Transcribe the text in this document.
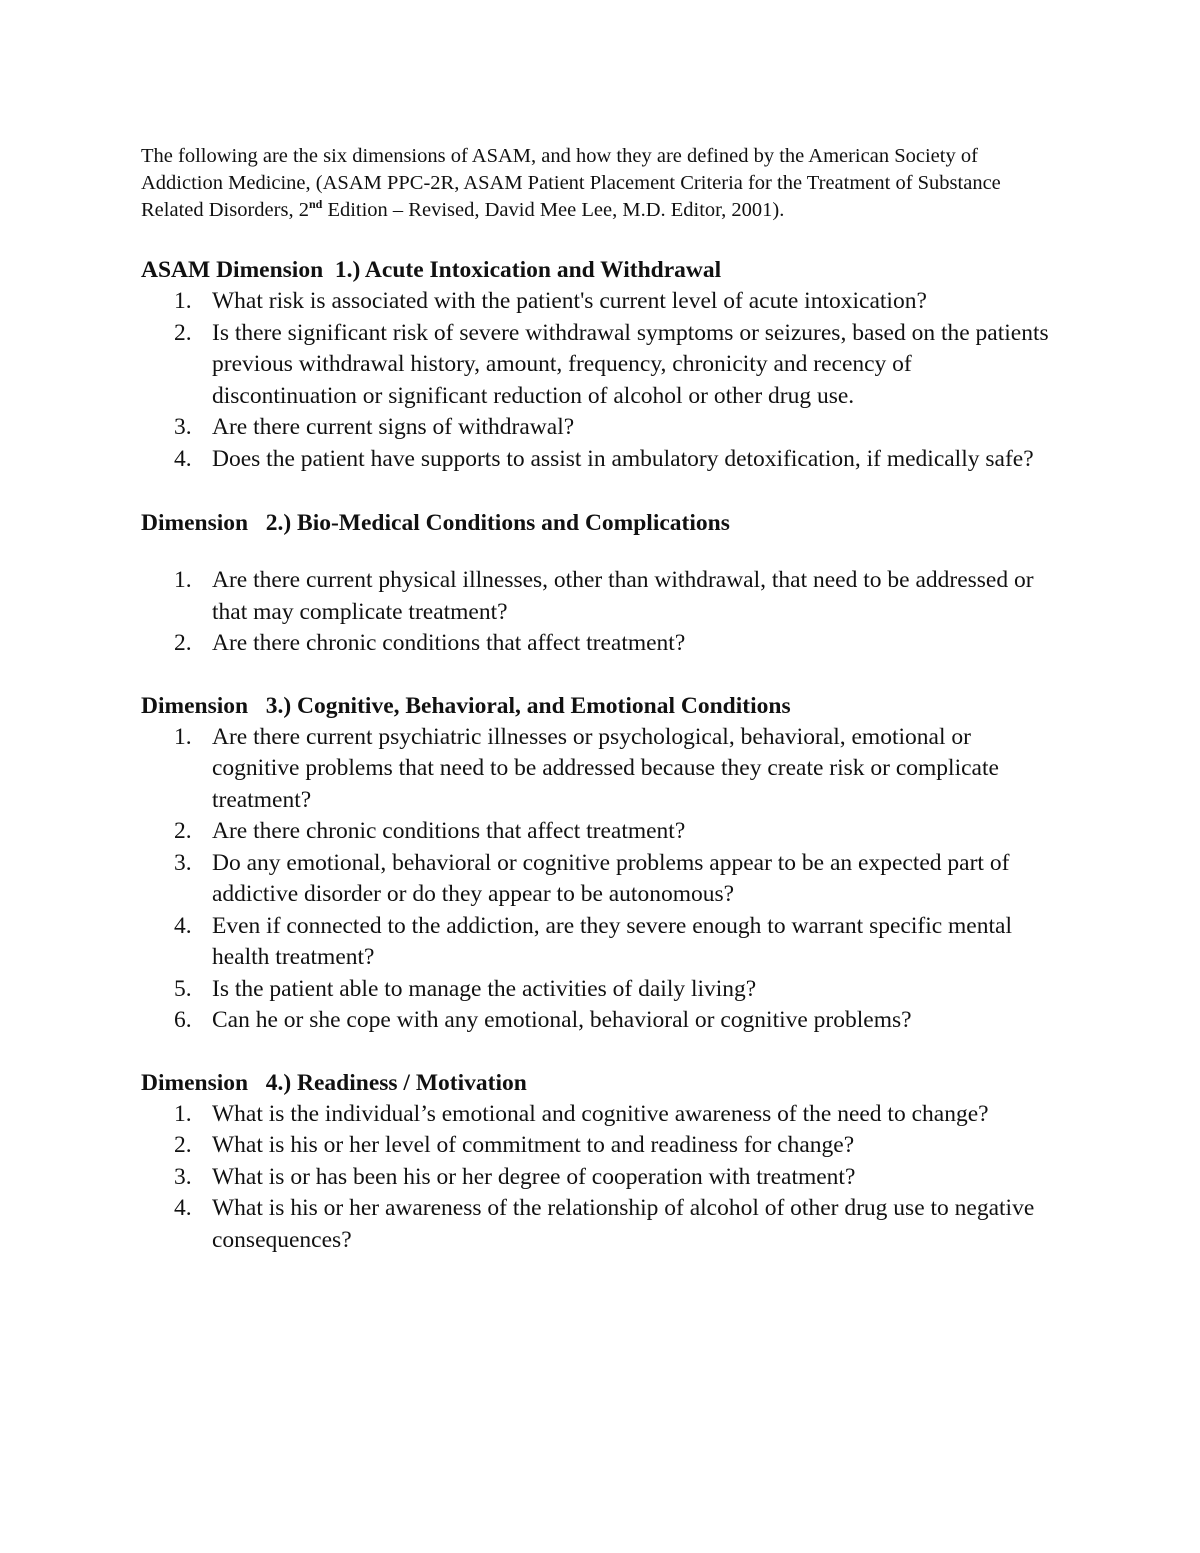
The following are the six dimensions of ASAM, and how they are defined by the American Society of Addiction Medicine, (ASAM PPC-2R, ASAM Patient Placement Criteria for the Treatment of Substance Related Disorders, 2nd Edition – Revised, David Mee Lee, M.D. Editor, 2001).

ASAM Dimension  1.) Acute Intoxication and Withdrawal
1. What risk is associated with the patient's current level of acute intoxication?
2. Is there significant risk of severe withdrawal symptoms or seizures, based on the patients previous withdrawal history, amount, frequency, chronicity and recency of discontinuation or significant reduction of alcohol or other drug use.
3. Are there current signs of withdrawal?
4. Does the patient have supports to assist in ambulatory detoxification, if medically safe?
Dimension   2.) Bio-Medical Conditions and Complications
1. Are there current physical illnesses, other than withdrawal, that need to be addressed or that may complicate treatment?
2. Are there chronic conditions that affect treatment?
Dimension   3.) Cognitive, Behavioral, and Emotional Conditions
1. Are there current psychiatric illnesses or psychological, behavioral, emotional or cognitive problems that need to be addressed because they create risk or complicate treatment?
2. Are there chronic conditions that affect treatment?
3. Do any emotional, behavioral or cognitive problems appear to be an expected part of addictive disorder or do they appear to be autonomous?
4. Even if connected to the addiction, are they severe enough to warrant specific mental health treatment?
5. Is the patient able to manage the activities of daily living?
6. Can he or she cope with any emotional, behavioral or cognitive problems?
Dimension   4.) Readiness / Motivation
1. What is the individual’s emotional and cognitive awareness of the need to change?
2. What is his or her level of commitment to and readiness for change?
3. What is or has been his or her degree of cooperation with treatment?
4. What is his or her awareness of the relationship of alcohol of other drug use to negative consequences?
